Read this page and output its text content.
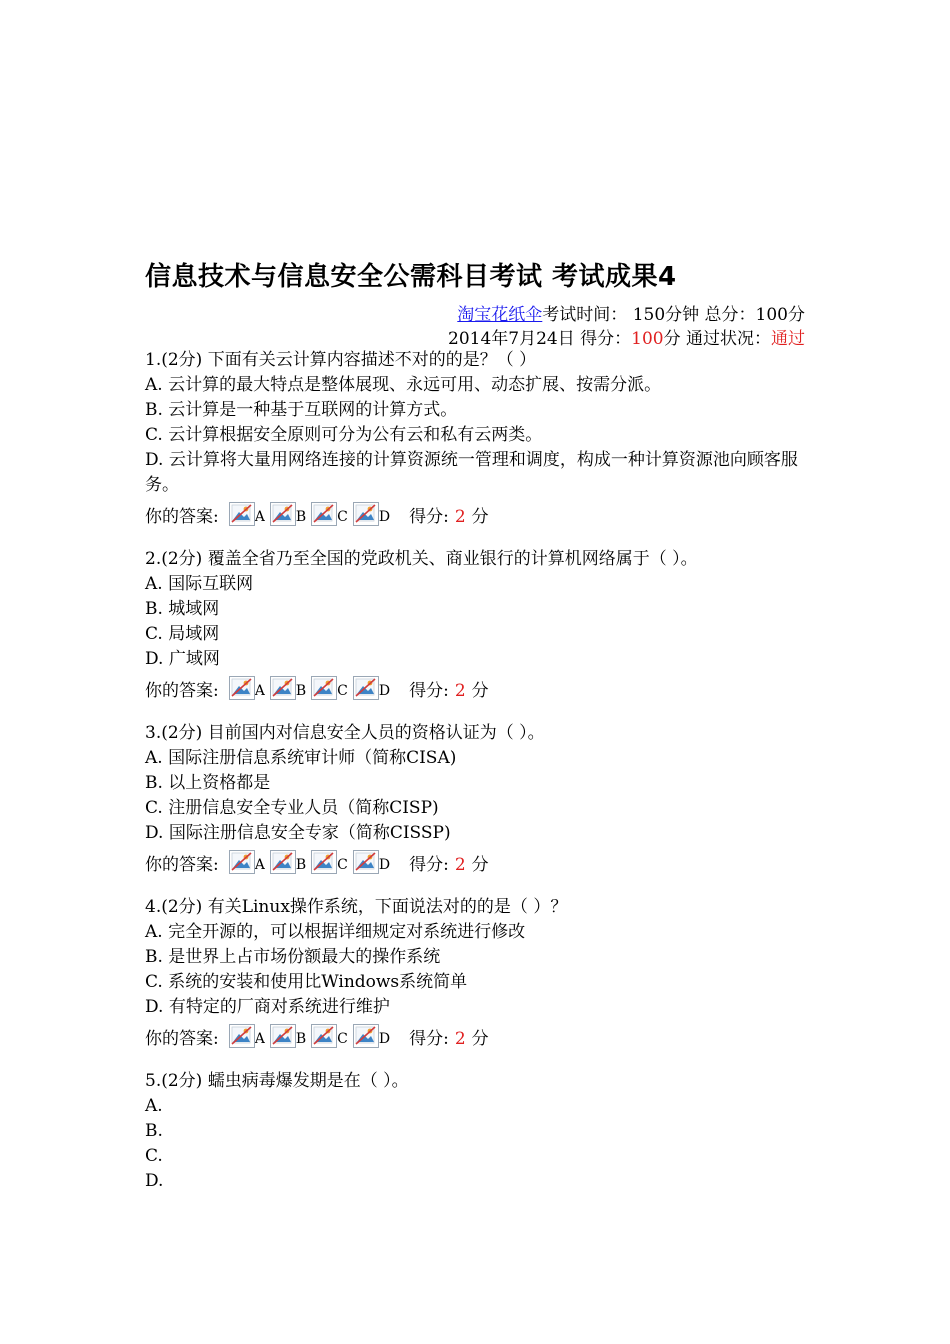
信息技术与信息安全公需科目考试 考试成果4
淘宝花纸伞考试时间： 150分钟 总分：100分
2014年7月24日 得分：100分 通过状况：通过
1.(2分) 下面有关云计算内容描述不对的的是？（ ）
A. 云计算的最大特点是整体展现、永远可用、动态扩展、按需分派。
B. 云计算是一种基于互联网的计算方式。
C. 云计算根据安全原则可分为公有云和私有云两类。
D. 云计算将大量用网络连接的计算资源统一管理和调度，构成一种计算资源池向顾客服务。
你的答案:	A B C D 得分: 2 分
2.(2分) 覆盖全省乃至全国的党政机关、商业银行的计算机网络属于（ ）。
A. 国际互联网
B. 城域网
C. 局域网
D. 广域网
你的答案:	A B C D 得分: 2 分
3.(2分) 目前国内对信息安全人员的资格认证为（ ）。
A. 国际注册信息系统审计师（简称CISA)
B. 以上资格都是
C. 注册信息安全专业人员（简称CISP)
D. 国际注册信息安全专家（简称CISSP)
你的答案:	A B C D 得分: 2 分
4.(2分) 有关Linux操作系统，下面说法对的的是（ ）？
A. 完全开源的，可以根据详细规定对系统进行修改
B. 是世界上占市场份额最大的操作系统
C. 系统的安装和使用比Windows系统简单
D. 有特定的厂商对系统进行维护
你的答案:	A B C D 得分: 2 分
5.(2分) 蠕虫病毒爆发期是在（ ）。
A.
B.
C.
D.
